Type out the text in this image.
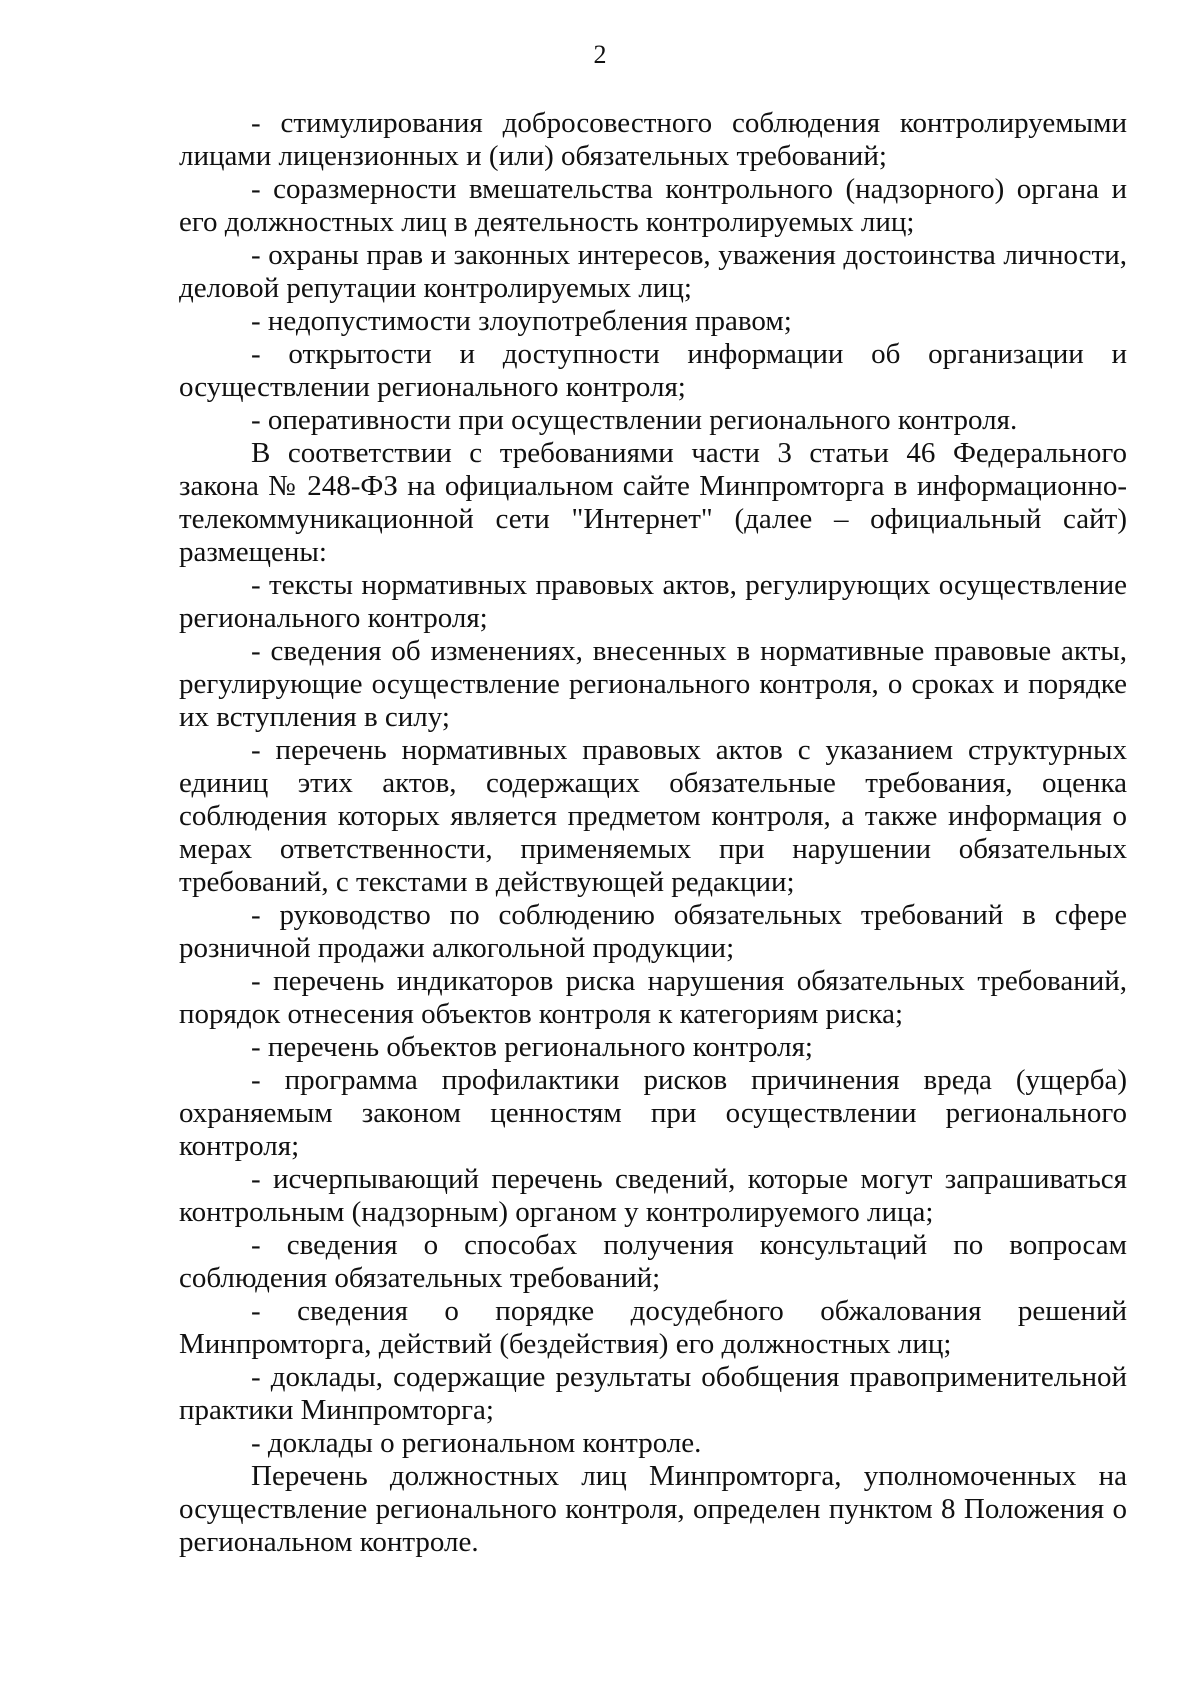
2

- стимулирования добросовестного соблюдения контролируемыми лицами лицензионных и (или) обязательных требований;

- соразмерности вмешательства контрольного (надзорного) органа и его должностных лиц в деятельность контролируемых лиц;

- охраны прав и законных интересов, уважения достоинства личности, деловой репутации контролируемых лиц;

- недопустимости злоупотребления правом;

- открытости и доступности информации об организации и осуществлении регионального контроля;

- оперативности при осуществлении регионального контроля.

В соответствии с требованиями части 3 статьи 46 Федерального закона № 248-ФЗ на официальном сайте Минпромторга в информационно-телекоммуникационной сети "Интернет" (далее – официальный сайт) размещены:

- тексты нормативных правовых актов, регулирующих осуществление регионального контроля;

- сведения об изменениях, внесенных в нормативные правовые акты, регулирующие осуществление регионального контроля, о сроках и порядке их вступления в силу;

- перечень нормативных правовых актов с указанием структурных единиц этих актов, содержащих обязательные требования, оценка соблюдения которых является предметом контроля, а также информация о мерах ответственности, применяемых при нарушении обязательных требований, с текстами в действующей редакции;

- руководство по соблюдению обязательных требований в сфере розничной продажи алкогольной продукции;

- перечень индикаторов риска нарушения обязательных требований, порядок отнесения объектов контроля к категориям риска;

- перечень объектов регионального контроля;

- программа профилактики рисков причинения вреда (ущерба) охраняемым законом ценностям при осуществлении регионального контроля;

- исчерпывающий перечень сведений, которые могут запрашиваться контрольным (надзорным) органом у контролируемого лица;

- сведения о способах получения консультаций по вопросам соблюдения обязательных требований;

- сведения о порядке досудебного обжалования решений Минпромторга, действий (бездействия) его должностных лиц;

- доклады, содержащие результаты обобщения правоприменительной практики Минпромторга;

- доклады о региональном контроле.

Перечень должностных лиц Минпромторга, уполномоченных на осуществление регионального контроля, определен пунктом 8 Положения о региональном контроле.
